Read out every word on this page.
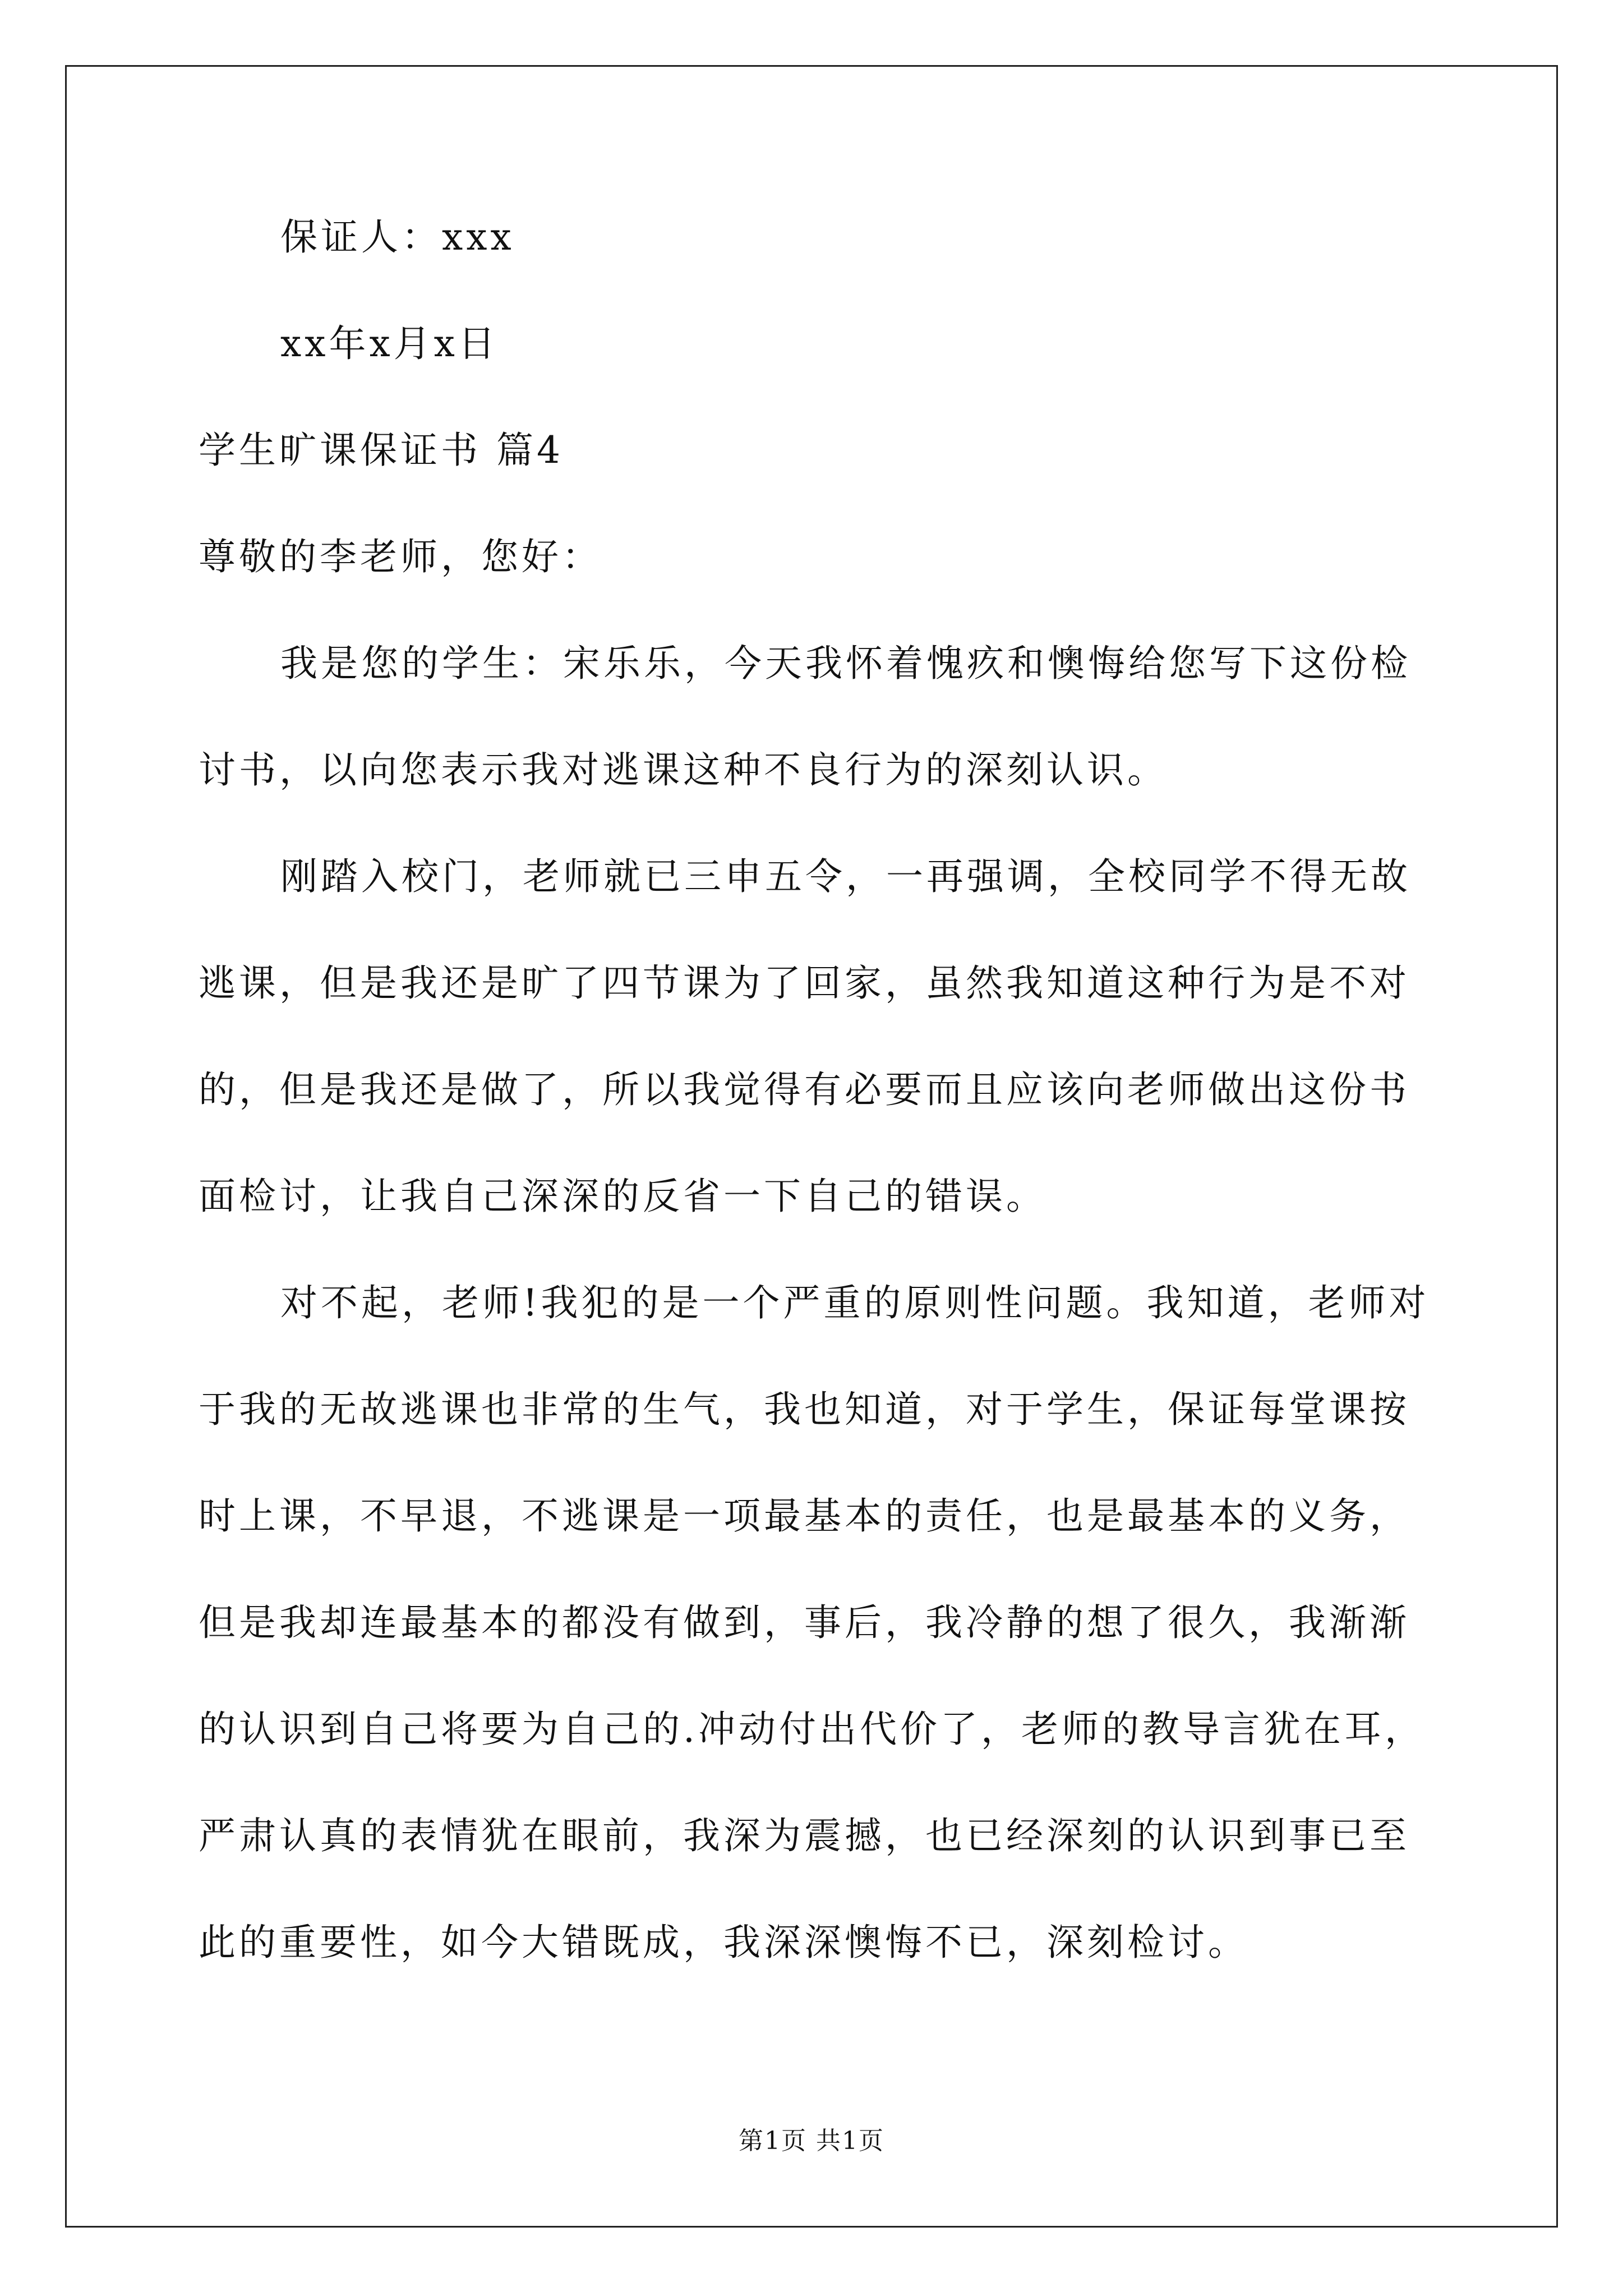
保证人：xxx
xx年x月x日
学生旷课保证书 篇4
尊敬的李老师，您好：
我是您的学生：宋乐乐，今天我怀着愧疚和懊悔给您写下这份检
讨书，以向您表示我对逃课这种不良行为的深刻认识。
刚踏入校门，老师就已三申五令，一再强调，全校同学不得无故
逃课，但是我还是旷了四节课为了回家，虽然我知道这种行为是不对
的，但是我还是做了，所以我觉得有必要而且应该向老师做出这份书
面检讨，让我自己深深的反省一下自己的错误。
对不起，老师!我犯的是一个严重的原则性问题。我知道，老师对
于我的无故逃课也非常的生气，我也知道，对于学生，保证每堂课按
时上课，不早退，不逃课是一项最基本的责任，也是最基本的义务，
但是我却连最基本的都没有做到，事后，我冷静的想了很久，我渐渐
的认识到自己将要为自己的.冲动付出代价了，老师的教导言犹在耳，
严肃认真的表情犹在眼前，我深为震撼，也已经深刻的认识到事已至
此的重要性，如今大错既成，我深深懊悔不已，深刻检讨。
第1页 共1页
